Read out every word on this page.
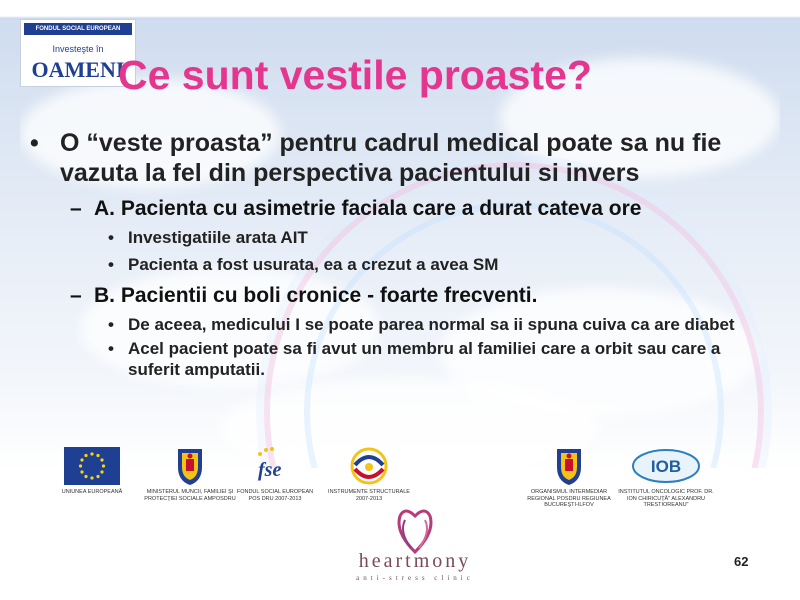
FONDUL SOCIAL EUROPEAN
Investeşte în
OAMENI
Ce sunt vestile proaste?
• O “veste proasta” pentru cadrul medical poate sa nu fie vazuta la fel din perspectiva pacientului si invers
– A. Pacienta cu asimetrie faciala care a durat cateva ore
• Investigatiile arata AIT
• Pacienta a fost usurata, ea a crezut a avea SM
– B. Pacientii cu boli cronice - foarte frecventi.
• De aceea, medicului I se poate parea normal sa ii spuna cuiva ca are diabet
• Acel pacient poate sa fi avut un membru al familiei care a orbit sau care a suferit amputatii.
UNIUNEA EUROPEANĂ	MINISTERUL MUNCII, FAMILIEI ŞI PROTECŢIEI SOCIALE AMPOSDRU
fse
FONDUL SOCIAL EUROPEAN POS DRU 2007-2013
INSTRUMENTE STRUCTURALE 2007-2013
ORGANISMUL INTERMEDIAR REGIONAL POSDRU REGIUNEA BUCUREŞTI-ILFOV
IOB
INSTITUTUL ONCOLOGIC PROF. DR. ION CHIRICUŢĂ" ALEXANDRU TRESTIOREANU"
heartmony
anti-stress clinic
62
